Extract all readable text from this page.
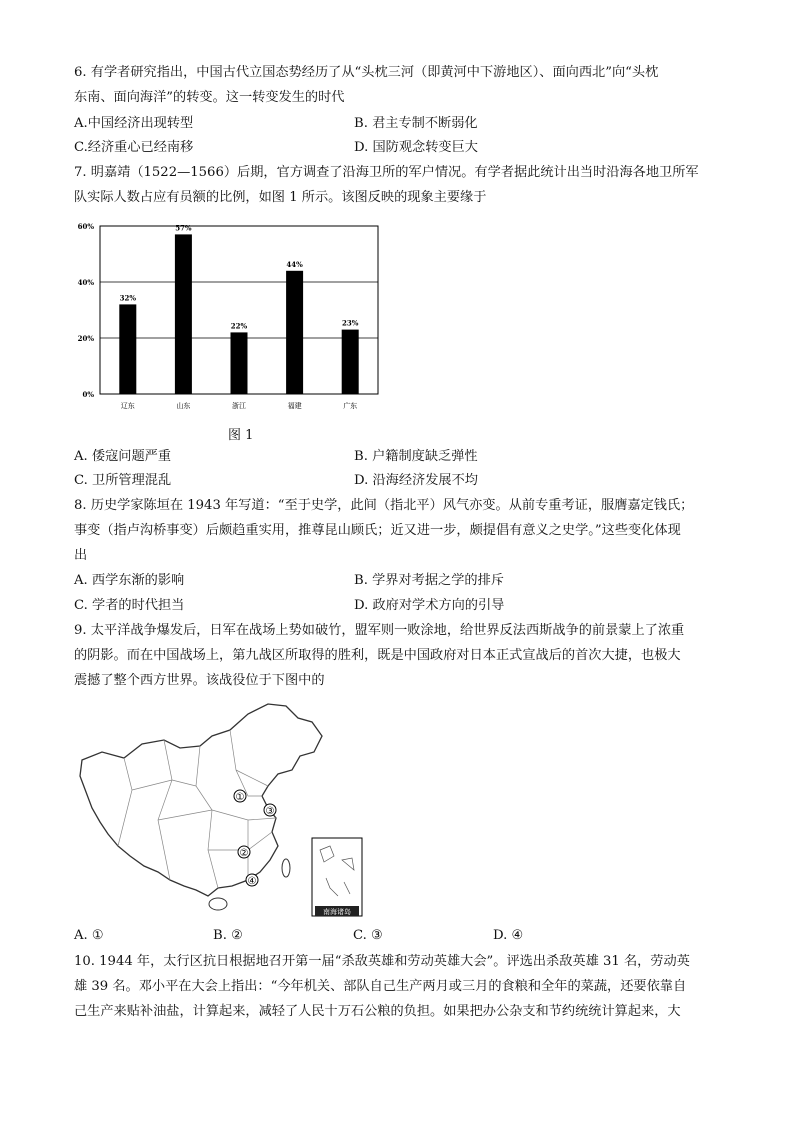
6. 有学者研究指出，中国古代立国态势经历了从“头枕三河（即黄河中下游地区）、面向西北”向“头枕
东南、面向海洋”的转变。这一转变发生的时代
A.中国经济出现转型	B. 君主专制不断弱化
C.经济重心已经南移	D. 国防观念转变巨大
7. 明嘉靖（1522—1566）后期，官方调查了沿海卫所的军户情况。有学者据此统计出当时沿海各地卫所军
队实际人数占应有员额的比例，如图 1 所示。该图反映的现象主要缘于
32%
57%
22%
44%
23%
0%
20%
40%
60%
辽东	山东	浙江	福建	广东
图 1
A. 倭寇问题严重	B. 户籍制度缺乏弹性
C. 卫所管理混乱	D. 沿海经济发展不均
8. 历史学家陈垣在 1943 年写道：“至于史学，此间（指北平）风气亦变。从前专重考证，服膺嘉定钱氏；
事变（指卢沟桥事变）后颇趋重实用，推尊昆山顾氏；近又进一步，颇提倡有意义之史学。”这些变化体现
出
A. 西学东渐的影响	B. 学界对考据之学的排斥
C. 学者的时代担当	D. 政府对学术方向的引导
9. 太平洋战争爆发后，日军在战场上势如破竹，盟军则一败涂地，给世界反法西斯战争的前景蒙上了浓重
的阴影。而在中国战场上，第九战区所取得的胜利，既是中国政府对日本正式宣战后的首次大捷，也极大
震撼了整个西方世界。该战役位于下图中的
①
②
③
④
南海诸岛
A. ①	B. ②	C. ③	D. ④
10. 1944 年，太行区抗日根据地召开第一届“杀敌英雄和劳动英雄大会”。评选出杀敌英雄 31 名，劳动英
雄 39 名。邓小平在大会上指出：“今年机关、部队自己生产两月或三月的食粮和全年的菜蔬，还要依靠自
己生产来贴补油盐，计算起来，减轻了人民十万石公粮的负担。如果把办公杂支和节约统统计算起来，大
